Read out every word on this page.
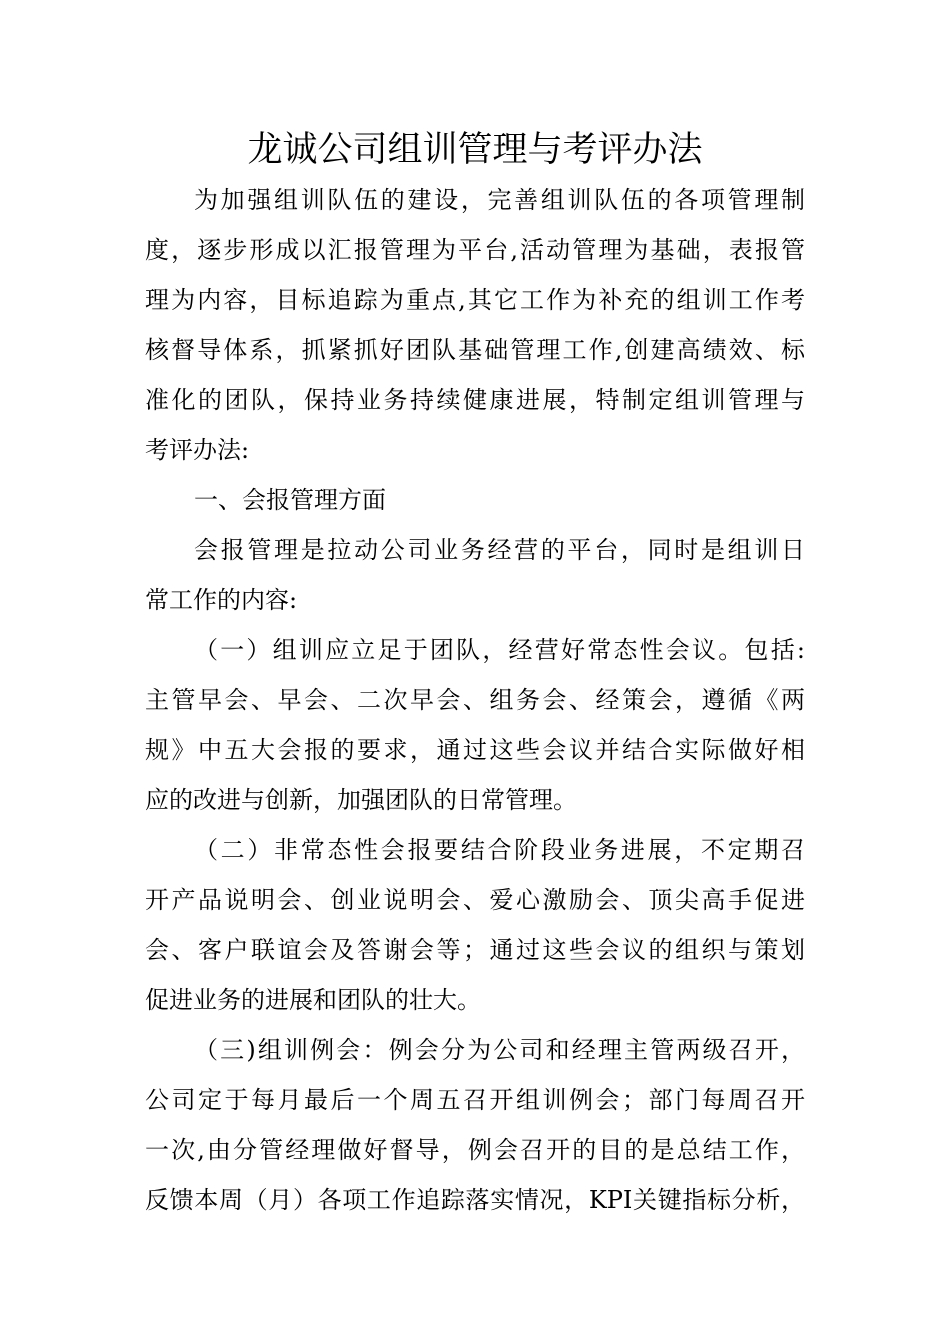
龙诚公司组训管理与考评办法
为加强组训队伍的建设，完善组训队伍的各项管理制
度，逐步形成以汇报管理为平台,活动管理为基础，表报管
理为内容，目标追踪为重点,其它工作为补充的组训工作考
核督导体系，抓紧抓好团队基础管理工作,创建高绩效、标
准化的团队，保持业务持续健康进展，特制定组训管理与
考评办法:
一、会报管理方面
会报管理是拉动公司业务经营的平台，同时是组训日
常工作的内容:
（一）组训应立足于团队，经营好常态性会议。包括:
主管早会、早会、二次早会、组务会、经策会，遵循《两
规》中五大会报的要求，通过这些会议并结合实际做好相
应的改进与创新，加强团队的日常管理。
（二）非常态性会报要结合阶段业务进展，不定期召
开产品说明会、创业说明会、爱心激励会、顶尖高手促进
会、客户联谊会及答谢会等；通过这些会议的组织与策划
促进业务的进展和团队的壮大。
（三)组训例会：例会分为公司和经理主管两级召开，
公司定于每月最后一个周五召开组训例会；部门每周召开
一次,由分管经理做好督导，例会召开的目的是总结工作，
反馈本周（月）各项工作追踪落实情况，KPI关键指标分析，
